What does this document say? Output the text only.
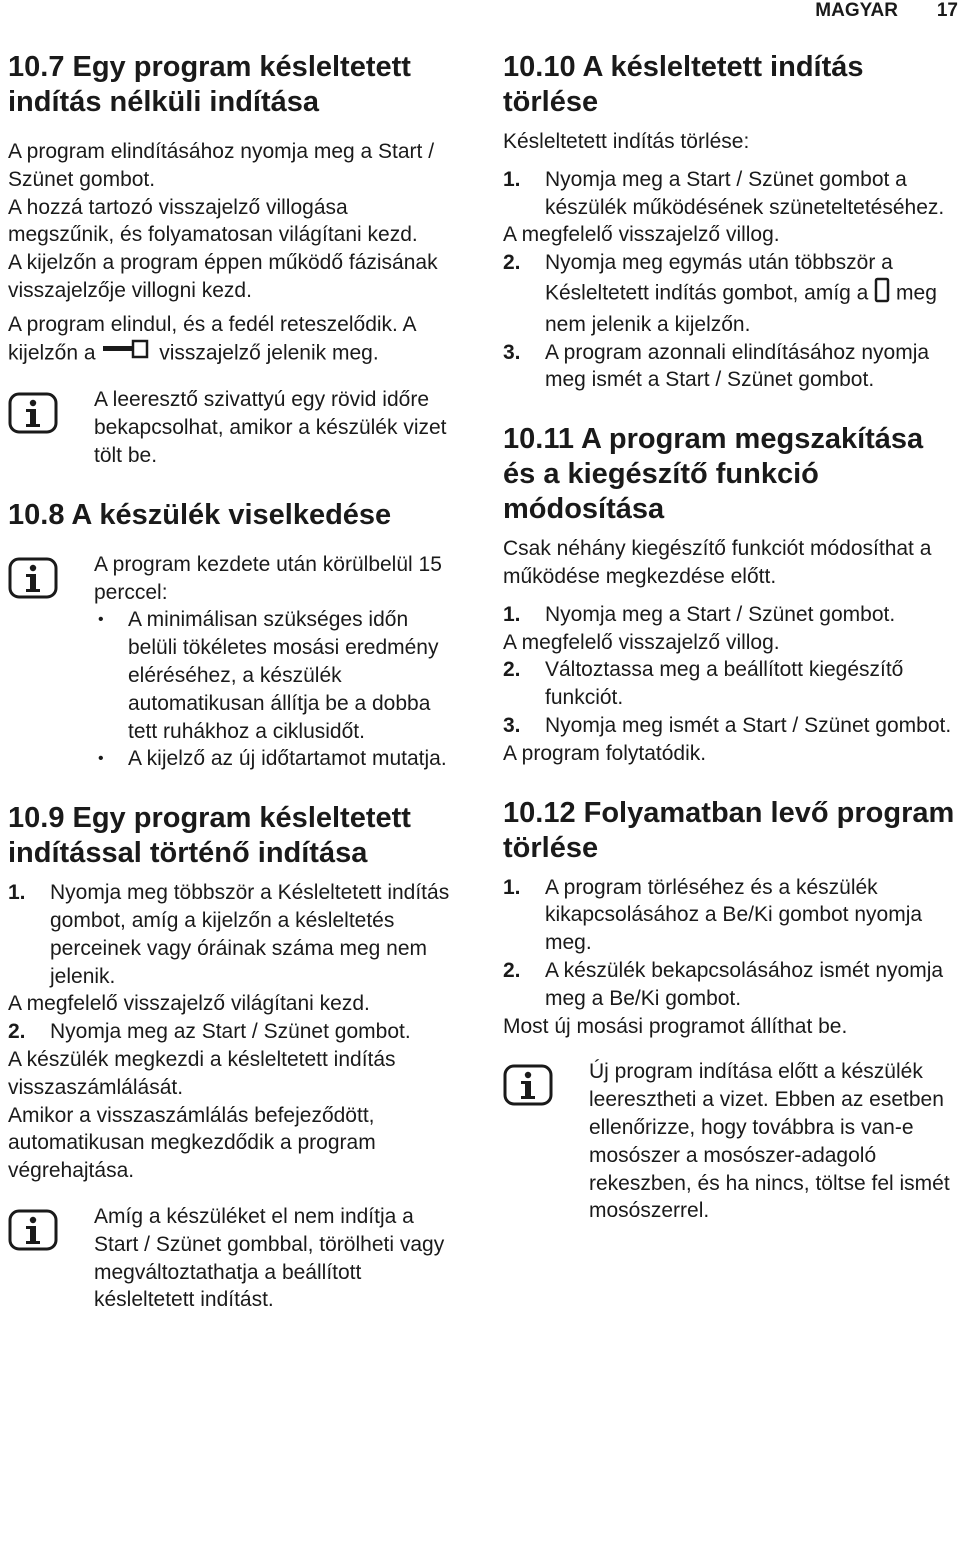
MAGYAR 17
10.7 Egy program késleltetett indítás nélküli indítása

A program elindításához nyomja meg a Start / Szünet gombot.

A hozzá tartozó visszajelző villogása megszűnik, és folyamatosan világítani kezd.

A kijelzőn a program éppen működő fázisának visszajelzője villogni kezd.

A program elindul, és a fedél reteszelődik. A kijelzőn a	visszajelző jelenik meg.

A leeresztő szivattyú egy rövid időre bekapcsolhat, amikor a készülék vizet tölt be.
10.8 A készülék viselkedése
A program kezdete után körülbelül 15 perccel:
• A minimálisan szükséges időn belüli tökéletes mosási eredmény eléréséhez, a készülék automatikusan állítja be a dobba tett ruhákhoz a ciklusidőt.
• A kijelző az új időtartamot mutatja.
10.9 Egy program késleltetett indítással történő indítása
1. Nyomja meg többször a Késleltetett indítás gombot, amíg a kijelzőn a késleltetés perceinek vagy óráinak száma meg nem jelenik.

A megfelelő visszajelző világítani kezd.

2. Nyomja meg az Start / Szünet gombot.

A készülék megkezdi a késleltetett indítás visszaszámlálását.

Amikor a visszaszámlálás befejeződött, automatikusan megkezdődik a program végrehajtása.

Amíg a készüléket el nem indítja a Start / Szünet gombbal, törölheti vagy megváltoztathatja a beállított késleltetett indítást.
10.10 A késleltetett indítás törlése

Késleltetett indítás törlése:

1. Nyomja meg a Start / Szünet gombot a készülék működésének szüneteltetéséhez.

A megfelelő visszajelző villog.

2. Nyomja meg egymás után többször a Késleltetett indítás gombot, amíg a meg nem jelenik a kijelzőn.
3. A program azonnali elindításához nyomja meg ismét a Start / Szünet gombot.
10.11 A program megszakítása és a kiegészítő funkció módosítása

Csak néhány kiegészítő funkciót módosíthat a működése megkezdése előtt.

1. Nyomja meg a Start / Szünet gombot.

A megfelelő visszajelző villog.

2. Változtassa meg a beállított kiegészítő funkciót.
3. Nyomja meg ismét a Start / Szünet gombot.

A program folytatódik.

10.12 Folyamatban levő program törlése
1. A program törléséhez és a készülék kikapcsolásához a Be/Ki gombot nyomja meg.
2. A készülék bekapcsolásához ismét nyomja meg a Be/Ki gombot.

Most új mosási programot állíthat be.

Új program indítása előtt a készülék leeresztheti a vizet. Ebben az esetben ellenőrizze, hogy továbbra is van-e mosószer a mosószer-adagoló rekeszben, és ha nincs, töltse fel ismét mosószerrel.
